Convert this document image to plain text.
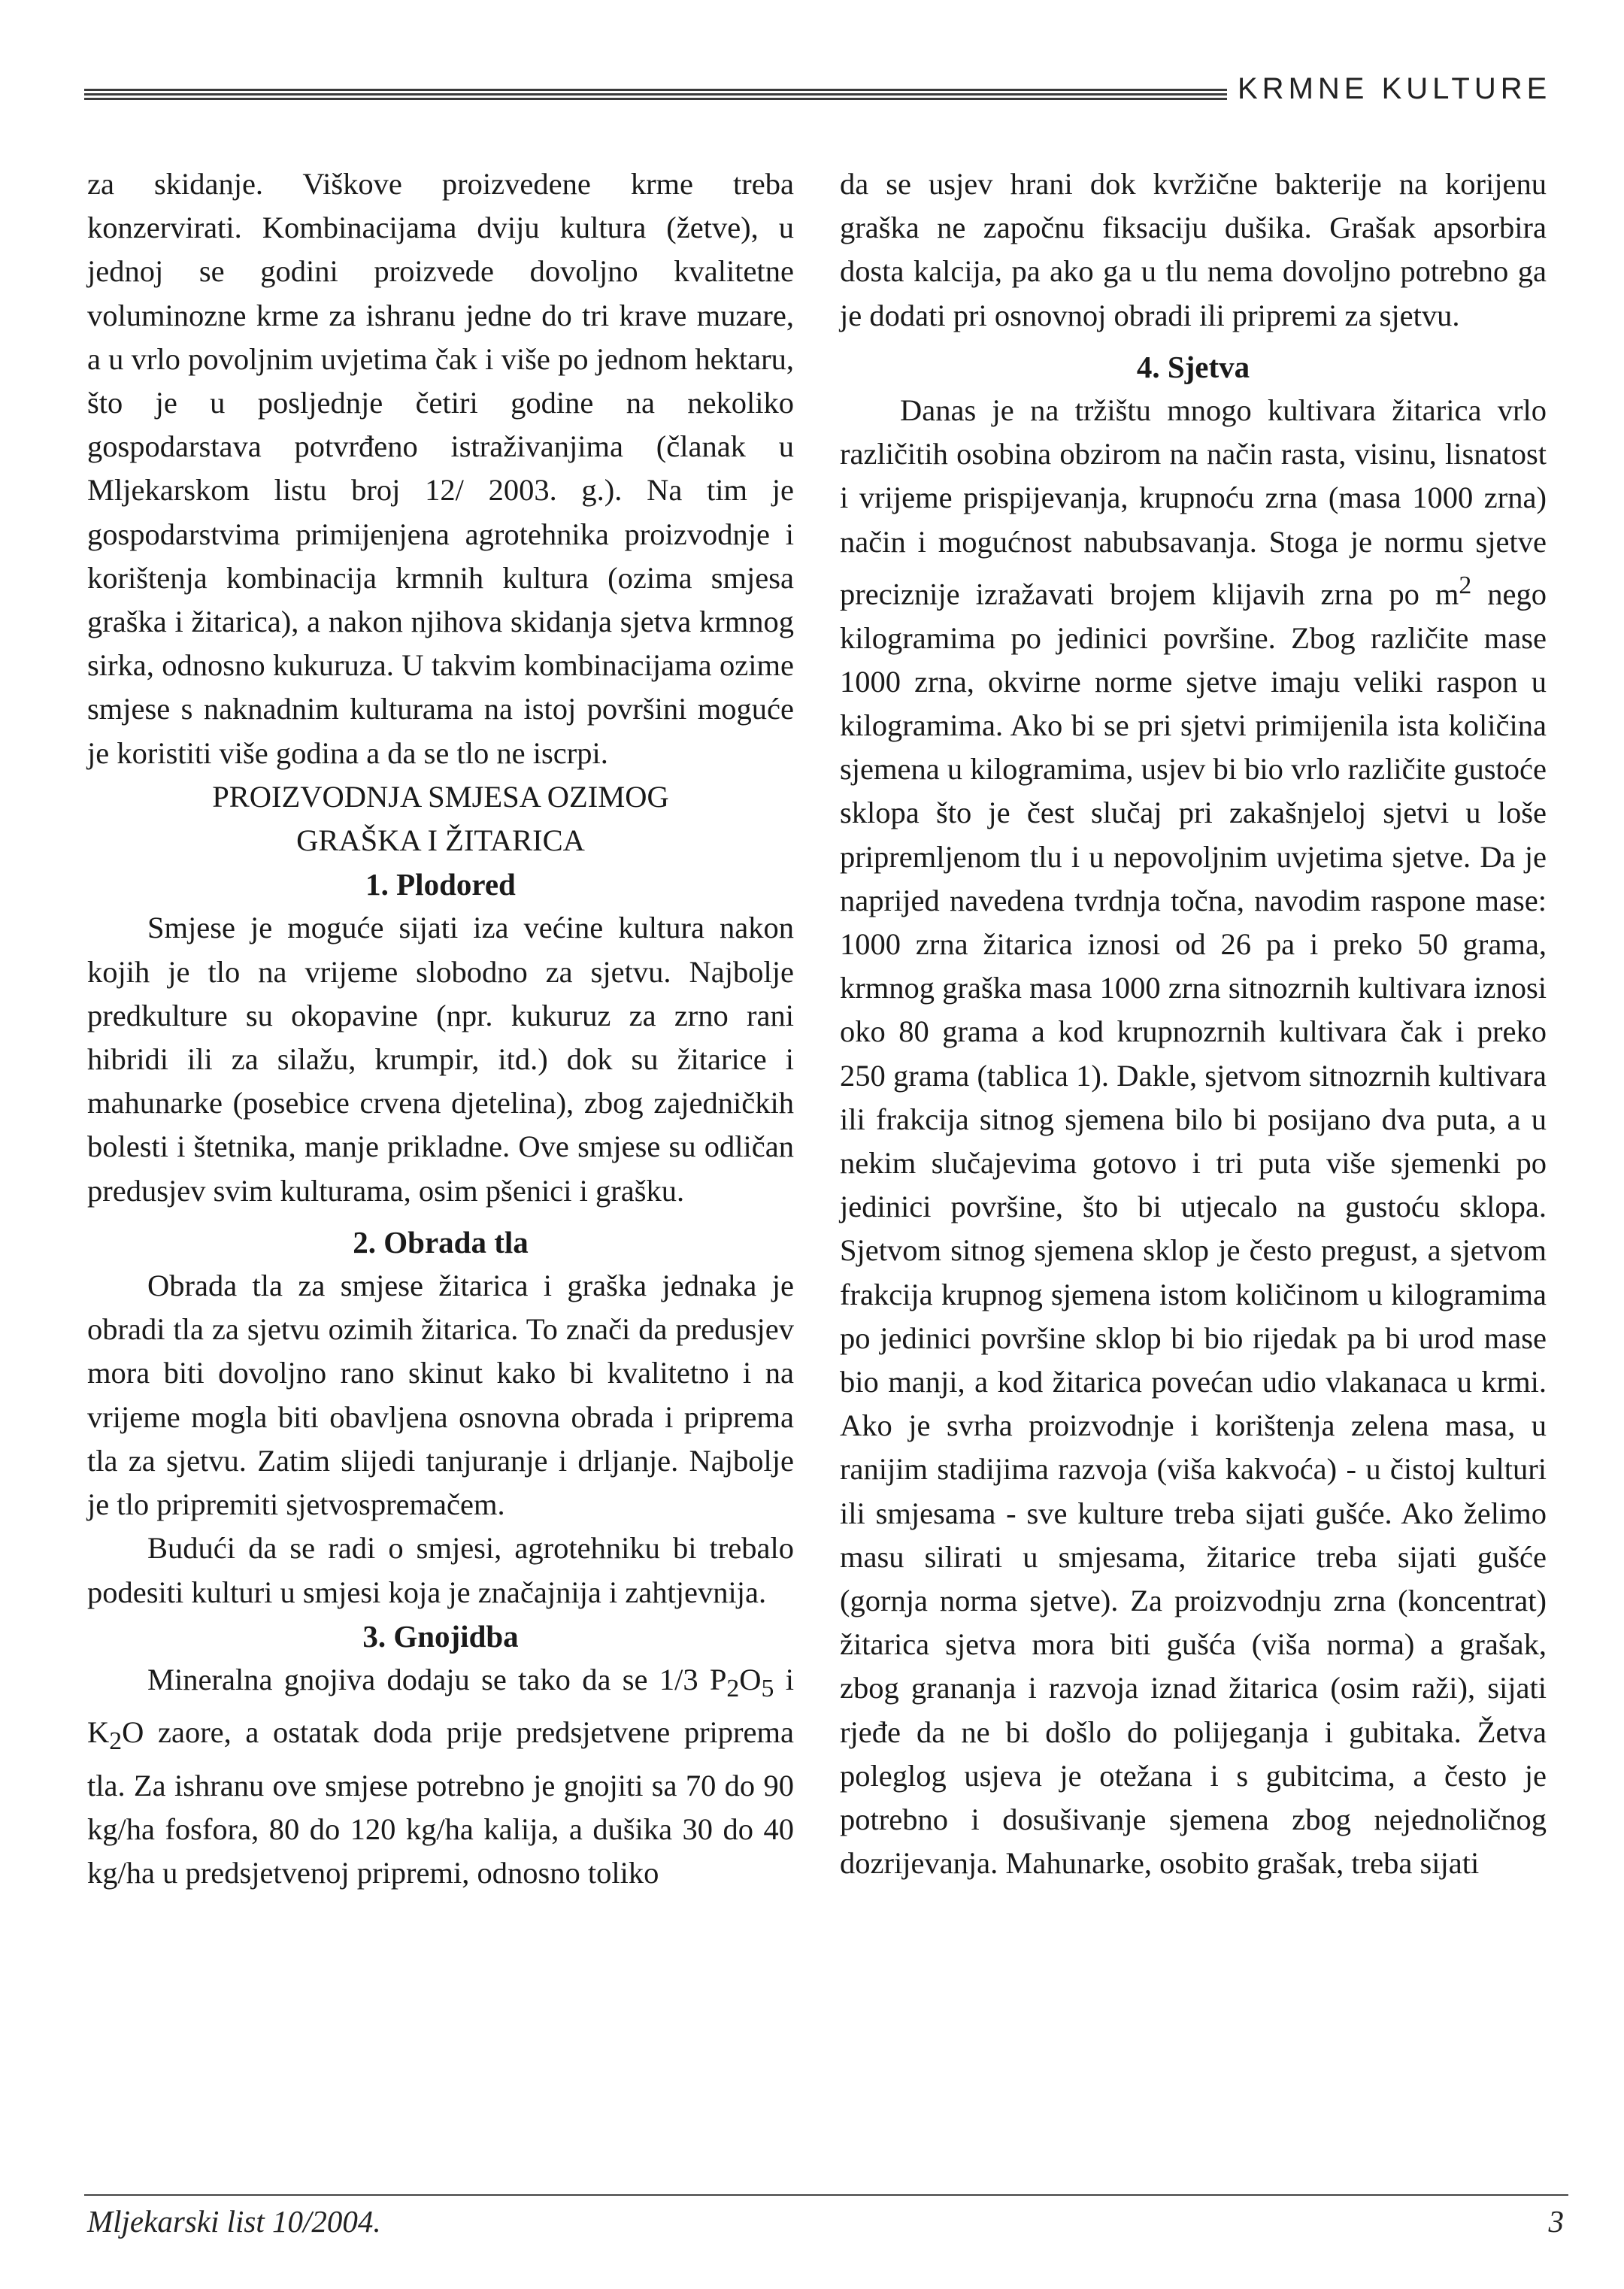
KRMNE KULTURE

za skidanje. Viškove proizvedene krme treba konzervirati. Kombinacijama dviju kultura (žetve), u jednoj se godini proizvede dovoljno kvalitetne voluminozne krme za ishranu jedne do tri krave muzare, a u vrlo povoljnim uvjetima čak i više po jednom hektaru, što je u posljednje četiri godine na nekoliko gospodarstava potvrđeno istraživanjima (članak u Mljekarskom listu broj 12/ 2003. g.). Na tim je gospodarstvima primijenjena agrotehnika proizvodnje i korištenja kombinacija krmnih kultura (ozima smjesa graška i žitarica), a nakon njihova skidanja sjetva krmnog sirka, odnosno kukuruza. U takvim kombinacijama ozime smjese s naknadnim kulturama na istoj površini moguće je koristiti više godina a da se tlo ne iscrpi.

PROIZVODNJA SMJESA OZIMOG

GRAŠKA I ŽITARICA

1. Plodored

Smjese je moguće sijati iza većine kultura nakon kojih je tlo na vrijeme slobodno za sjetvu. Najbolje predkulture su okopavine (npr. kukuruz za zrno rani hibridi ili za silažu, krumpir, itd.) dok su žitarice i mahunarke (posebice crvena djetelina), zbog zajedničkih bolesti i štetnika, manje prikladne. Ove smjese su odličan predusjev svim kulturama, osim pšenici i grašku.

2. Obrada tla

Obrada tla za smjese žitarica i graška jednaka je obradi tla za sjetvu ozimih žitarica. To znači da predusjev mora biti dovoljno rano skinut kako bi kvalitetno i na vrijeme mogla biti obavljena osnovna obrada i priprema tla za sjetvu. Zatim slijedi tanjuranje i drljanje. Najbolje je tlo pripremiti sjetvospremačem.

Budući da se radi o smjesi, agrotehniku bi trebalo podesiti kulturi u smjesi koja je značajnija i zahtjevnija.

3. Gnojidba

Mineralna gnojiva dodaju se tako da se 1/3 $P_2O_5$ i $K_2O$ zaore, a ostatak doda prije predsjetvene priprema tla. Za ishranu ove smjese potrebno je gnojiti sa 70 do 90 kg/ha fosfora, 80 do 120 kg/ha kalija, a dušika 30 do 40 kg/ha u predsjetvenoj pripremi, odnosno toliko

da se usjev hrani dok kvržične bakterije na korijenu graška ne započnu fiksaciju dušika. Grašak apsorbira dosta kalcija, pa ako ga u tlu nema dovoljno potrebno ga je dodati pri osnovnoj obradi ili pripremi za sjetvu.

4. Sjetva

Danas je na tržištu mnogo kultivara žitarica vrlo različitih osobina obzirom na način rasta, visinu, lisnatost i vrijeme prispijevanja, krupnoću zrna (masa 1000 zrna) način i mogućnost nabubsavanja. Stoga je normu sjetve preciznije izražavati brojem klijavih zrna po $m^2$ nego kilogramima po jedinici površine. Zbog različite mase 1000 zrna, okvirne norme sjetve imaju veliki raspon u kilogramima. Ako bi se pri sjetvi primijenila ista količina sjemena u kilogramima, usjev bi bio vrlo različite gustoće sklopa što je čest slučaj pri zakašnjeloj sjetvi u loše pripremljenom tlu i u nepovoljnim uvjetima sjetve. Da je naprijed navedena tvrdnja točna, navodim raspone mase: 1000 zrna žitarica iznosi od 26 pa i preko 50 grama, krmnog graška masa 1000 zrna sitnozrnih kultivara iznosi oko 80 grama a kod krupnozrnih kultivara čak i preko 250 grama (tablica 1). Dakle, sjetvom sitnozrnih kultivara ili frakcija sitnog sjemena bilo bi posijano dva puta, a u nekim slučajevima gotovo i tri puta više sjemenki po jedinici površine, što bi utjecalo na gustoću sklopa. Sjetvom sitnog sjemena sklop je često pregust, a sjetvom frakcija krupnog sjemena istom količinom u kilogramima po jedinici površine sklop bi bio rijedak pa bi urod mase bio manji, a kod žitarica povećan udio vlakanaca u krmi. Ako je svrha proizvodnje i korištenja zelena masa, u ranijim stadijima razvoja (viša kakvoća) - u čistoj kulturi ili smjesama - sve kulture treba sijati gušće. Ako želimo masu silirati u smjesama, žitarice treba sijati gušće (gornja norma sjetve). Za proizvodnju zrna (koncentrat) žitarica sjetva mora biti gušća (viša norma) a grašak, zbog grananja i razvoja iznad žitarica (osim raži), sijati rjeđe da ne bi došlo do polijeganja i gubitaka. Žetva poleglog usjeva je otežana i s gubitcima, a često je potrebno i dosušivanje sjemena zbog nejednoličnog dozrijevanja. Mahunarke, osobito grašak, treba sijati

Mljekarski list 10/2004.	3
